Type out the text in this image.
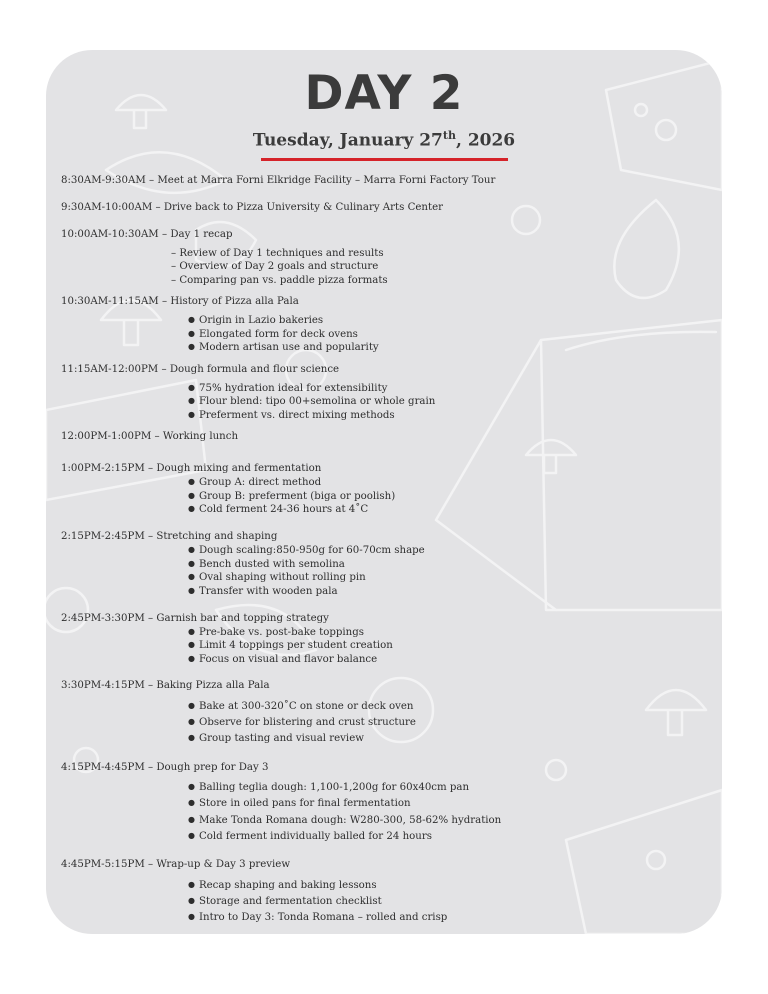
DAY 2
Tuesday, January 27th, 2026
8:30AM-9:30AM – Meet at Marra Forni Elkridge Facility – Marra Forni Factory Tour
9:30AM-10:00AM – Drive back to Pizza University & Culinary Arts Center
10:00AM-10:30AM – Day 1 recap
– Review of Day 1 techniques and results
– Overview of Day 2 goals and structure
– Comparing pan vs. paddle pizza formats
10:30AM-11:15AM – History of Pizza alla Pala
● Origin in Lazio bakeries
● Elongated form for deck ovens
● Modern artisan use and popularity
11:15AM-12:00PM – Dough formula and flour science
● 75% hydration ideal for extensibility
● Flour blend: tipo 00+semolina or whole grain
● Preferment vs. direct mixing methods
12:00PM-1:00PM – Working lunch
1:00PM-2:15PM – Dough mixing and fermentation
● Group A: direct method
● Group B: preferment (biga or poolish)
● Cold ferment 24-36 hours at 4˚C
2:15PM-2:45PM – Stretching and shaping
● Dough scaling:850-950g for 60-70cm shape
● Bench dusted with semolina
● Oval shaping without rolling pin
● Transfer with wooden pala
2:45PM-3:30PM – Garnish bar and topping strategy
● Pre-bake vs. post-bake toppings
● Limit 4 toppings per student creation
● Focus on visual and flavor balance
3:30PM-4:15PM – Baking Pizza alla Pala
● Bake at 300-320˚C on stone or deck oven
● Observe for blistering and crust structure
● Group tasting and visual review
4:15PM-4:45PM – Dough prep for Day 3
● Balling teglia dough: 1,100-1,200g for 60x40cm pan
● Store in oiled pans for final fermentation
● Make Tonda Romana dough: W280-300, 58-62% hydration
● Cold ferment individually balled for 24 hours
4:45PM-5:15PM – Wrap-up & Day 3 preview
● Recap shaping and baking lessons
● Storage and fermentation checklist
● Intro to Day 3: Tonda Romana – rolled and crisp
